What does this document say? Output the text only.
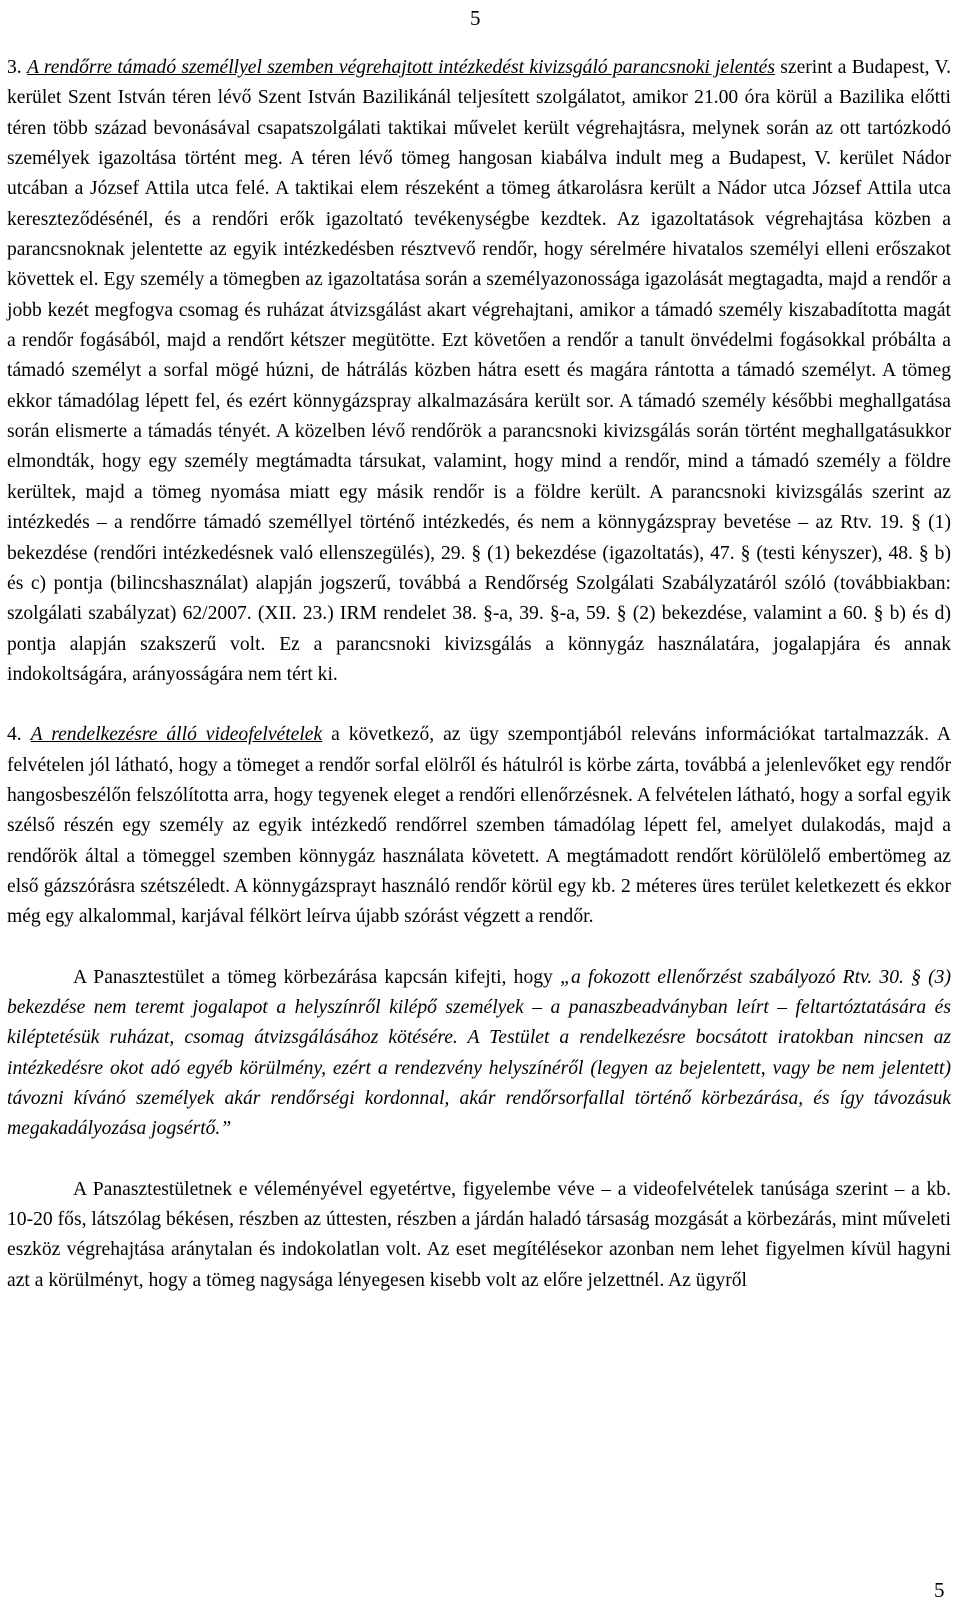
5

3. A rendőrre támadó személlyel szemben végrehajtott intézkedést kivizsgáló parancsnoki jelentés szerint a Budapest, V. kerület Szent István téren lévő Szent István Bazilikánál teljesített szolgálatot, amikor 21.00 óra körül a Bazilika előtti téren több század bevonásával csapatszolgálati taktikai művelet került végrehajtásra, melynek során az ott tartózkodó személyek igazoltása történt meg. A téren lévő tömeg hangosan kiabálva indult meg a Budapest, V. kerület Nádor utcában a József Attila utca felé. A taktikai elem részeként a tömeg átkarolásra került a Nádor utca József Attila utca kereszteződésénél, és a rendőri erők igazoltató tevékenységbe kezdtek. Az igazoltatások végrehajtása közben a parancsnoknak jelentette az egyik intézkedésben résztvevő rendőr, hogy sérelmére hivatalos személyi elleni erőszakot követtek el. Egy személy a tömegben az igazoltatása során a személyazonossága igazolását megtagadta, majd a rendőr a jobb kezét megfogva csomag és ruházat átvizsgálást akart végrehajtani, amikor a támadó személy kiszabadította magát a rendőr fogásából, majd a rendőrt kétszer megütötte. Ezt követően a rendőr a tanult önvédelmi fogásokkal próbálta a támadó személyt a sorfal mögé húzni, de hátrálás közben hátra esett és magára rántotta a támadó személyt. A tömeg ekkor támadólag lépett fel, és ezért könnygázspray alkalmazására került sor. A támadó személy későbbi meghallgatása során elismerte a támadás tényét. A közelben lévő rendőrök a parancsnoki kivizsgálás során történt meghallgatásukkor elmondták, hogy egy személy megtámadta társukat, valamint, hogy mind a rendőr, mind a támadó személy a földre kerültek, majd a tömeg nyomása miatt egy másik rendőr is a földre került. A parancsnoki kivizsgálás szerint az intézkedés – a rendőrre támadó személlyel történő intézkedés, és nem a könnygázspray bevetése – az Rtv. 19. § (1) bekezdése (rendőri intézkedésnek való ellenszegülés), 29. § (1) bekezdése (igazoltatás), 47. § (testi kényszer), 48. § b) és c) pontja (bilincshasználat) alapján jogszerű, továbbá a Rendőrség Szolgálati Szabályzatáról szóló (továbbiakban: szolgálati szabályzat) 62/2007. (XII. 23.) IRM rendelet 38. §-a, 39. §-a, 59. § (2) bekezdése, valamint a 60. § b) és d) pontja alapján szakszerű volt. Ez a parancsnoki kivizsgálás a könnygáz használatára, jogalapjára és annak indokoltságára, arányosságára nem tért ki.

4. A rendelkezésre álló videofelvételek a következő, az ügy szempontjából releváns információkat tartalmazzák. A felvételen jól látható, hogy a tömeget a rendőr sorfal elölről és hátulról is körbe zárta, továbbá a jelenlevőket egy rendőr hangosbeszélőn felszólította arra, hogy tegyenek eleget a rendőri ellenőrzésnek. A felvételen látható, hogy a sorfal egyik szélső részén egy személy az egyik intézkedő rendőrrel szemben támadólag lépett fel, amelyet dulakodás, majd a rendőrök által a tömeggel szemben könnygáz használata követett. A megtámadott rendőrt körülölelő embertömeg az első gázszórásra szétszéledt. A könnygázsprayt használó rendőr körül egy kb. 2 méteres üres terület keletkezett és ekkor még egy alkalommal, karjával félkört leírva újabb szórást végzett a rendőr.

A Panasztestület a tömeg körbezárása kapcsán kifejti, hogy „a fokozott ellenőrzést szabályozó Rtv. 30. § (3) bekezdése nem teremt jogalapot a helyszínről kilépő személyek – a panaszbeadványban leírt – feltartóztatására és kiléptetésük ruházat, csomag átvizsgálásához kötésére. A Testület a rendelkezésre bocsátott iratokban nincsen az intézkedésre okot adó egyéb körülmény, ezért a rendezvény helyszínéről (legyen az bejelentett, vagy be nem jelentett) távozni kívánó személyek akár rendőrségi kordonnal, akár rendőrsorfallal történő körbezárása, és így távozásuk megakadályozása jogsértő.”

A Panasztestületnek e véleményével egyetértve, figyelembe véve – a videofelvételek tanúsága szerint – a kb. 10-20 fős, látszólag békésen, részben az úttesten, részben a járdán haladó társaság mozgását a körbezárás, mint műveleti eszköz végrehajtása aránytalan és indokolatlan volt. Az eset megítélésekor azonban nem lehet figyelmen kívül hagyni azt a körülményt, hogy a tömeg nagysága lényegesen kisebb volt az előre jelzettnél. Az ügyről

5
